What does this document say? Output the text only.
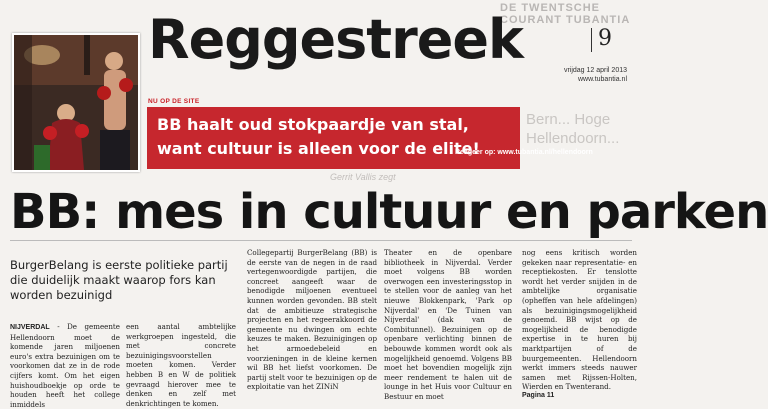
DE TWENTSCHE COURANT TUBANTIA
Reggestreek	9
vrijdag 12 april 2013
www.tubantia.nl
Bern... Hoge Hellendoorn...
NU OP DE SITE
BB haalt oud stokpaardje van stal, want cultuur is alleen voor de elite!
Reageer op: www.tubantia.nl/hellendoorn
Gerrit Vallis zegt
BB: mes in cultuur en parken
BurgerBelang is eerste politieke partij die duidelijk maakt waarop fors kan worden bezuinigd
NIJVERDAL - De gemeente Hellendoorn moet de komende jaren miljoenen euro's extra bezuinigen om te voorkomen dat ze in de rode cijfers komt. Om het eigen huishoudboekje op orde te houden heeft het college inmiddels
een aantal ambtelijke werkgroepen ingesteld, die met concrete bezuinigingsvoorstellen moeten komen. Verder hebben B en W de politiek gevraagd hierover mee te denken en zelf met denkrichtingen te komen.
Collegepartij BurgerBelang (BB) is de eerste van de negen in de raad vertegenwoordigde partijen, die concreet aangeeft waar de benodigde miljoenen eventueel kunnen worden gevonden. BB stelt dat de ambitieuze strategische projecten en het regeerakkoord de gemeente nu dwingen om echte keuzes te maken. Bezuinigingen op het armoedebeleid en voorzieningen in de kleine kernen wil BB het liefst voorkomen. De partij stelt voor te bezuinigen op de exploitatie van het ZINiN
Theater en de openbare bibliotheek in Nijverdal. Verder moet volgens BB worden overwogen een investeringsstop in te stellen voor de aanleg van het nieuwe Blokkenpark, 'Park op Nijverdal' en 'De Tuinen van Nijverdal' (dak van de Combitunnel). Bezuinigen op de openbare verlichting binnen de bebouwde kommen wordt ook als mogelijkheid genoemd. Volgens BB moet het bovendien mogelijk zijn meer rendement te halen uit de lounge in het Huis voor Cultuur en Bestuur en moet
nog eens kritisch worden gekeken naar representatie- en receptiekosten. Er tenslotte wordt het verder snijden in de ambtelijke organisatie (opheffen van hele afdelingen) als bezuinigingsmogelijkheid genoemd. BB wijst op de mogelijkheid de benodigde expertise in te huren bij marktpartijen of de buurgemeenten. Hellendoorn werkt immers steeds nauwer samen met Rijssen-Holten, Wierden en Twenterand.
Pagina 11
